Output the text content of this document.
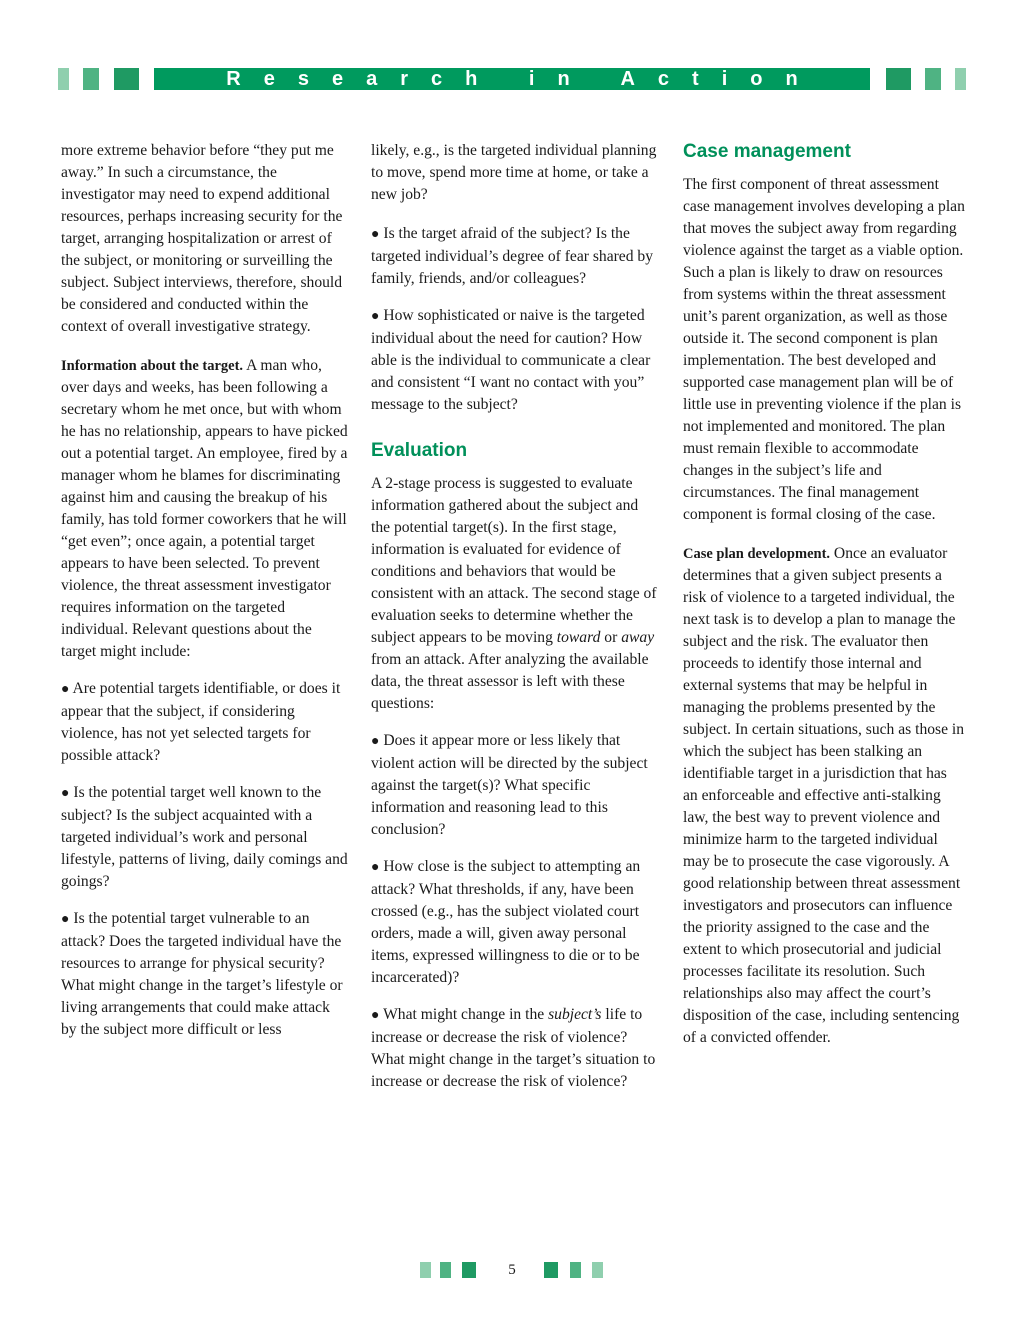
Research in Action

more extreme behavior before “they put me away.” In such a circumstance, the investigator may need to expend additional resources, perhaps increasing security for the target, arranging hospitalization or arrest of the subject, or monitoring or surveilling the subject. Subject interviews, therefore, should be considered and conducted within the context of overall investigative strategy.

Information about the target. A man who, over days and weeks, has been following a secretary whom he met once, but with whom he has no relationship, appears to have picked out a potential target. An employee, fired by a manager whom he blames for discriminating against him and causing the breakup of his family, has told former coworkers that he will “get even”; once again, a potential target appears to have been selected. To prevent violence, the threat assessment investigator requires information on the targeted individual. Relevant questions about the target might include:

● Are potential targets identifiable, or does it appear that the subject, if considering violence, has not yet selected targets for possible attack?

● Is the potential target well known to the subject? Is the subject acquainted with a targeted individual’s work and personal lifestyle, patterns of living, daily comings and goings?

● Is the potential target vulnerable to an attack? Does the targeted individual have the resources to arrange for physical security? What might change in the target’s lifestyle or living arrangements that could make attack by the subject more difficult or less

likely, e.g., is the targeted individual planning to move, spend more time at home, or take a new job?

● Is the target afraid of the subject? Is the targeted individual’s degree of fear shared by family, friends, and/or colleagues?

● How sophisticated or naive is the targeted individual about the need for caution? How able is the individual to communicate a clear and consistent “I want no contact with you” message to the subject?

Evaluation

A 2-stage process is suggested to evaluate information gathered about the subject and the potential target(s). In the first stage, information is evaluated for evidence of conditions and behaviors that would be consistent with an attack. The second stage of evaluation seeks to determine whether the subject appears to be moving toward or away from an attack. After analyzing the available data, the threat assessor is left with these questions:

● Does it appear more or less likely that violent action will be directed by the subject against the target(s)? What specific information and reasoning lead to this conclusion?

● How close is the subject to attempting an attack? What thresholds, if any, have been crossed (e.g., has the subject violated court orders, made a will, given away personal items, expressed willingness to die or to be incarcerated)?

● What might change in the subject’s life to increase or decrease the risk of violence? What might change in the target’s situation to increase or decrease the risk of violence?

Case management

The first component of threat assessment case management involves developing a plan that moves the subject away from regarding violence against the target as a viable option. Such a plan is likely to draw on resources from systems within the threat assessment unit’s parent organization, as well as those outside it. The second component is plan implementation. The best developed and supported case management plan will be of little use in preventing violence if the plan is not implemented and monitored. The plan must remain flexible to accommodate changes in the subject’s life and circumstances. The final management component is formal closing of the case.

Case plan development. Once an evaluator determines that a given subject presents a risk of violence to a targeted individual, the next task is to develop a plan to manage the subject and the risk. The evaluator then proceeds to identify those internal and external systems that may be helpful in managing the problems presented by the subject. In certain situations, such as those in which the subject has been stalking an identifiable target in a jurisdiction that has an enforceable and effective anti-stalking law, the best way to prevent violence and minimize harm to the targeted individual may be to prosecute the case vigorously. A good relationship between threat assessment investigators and prosecutors can influence the priority assigned to the case and the extent to which prosecutorial and judicial processes facilitate its resolution. Such relationships also may affect the court’s disposition of the case, including sentencing of a convicted offender.

5
